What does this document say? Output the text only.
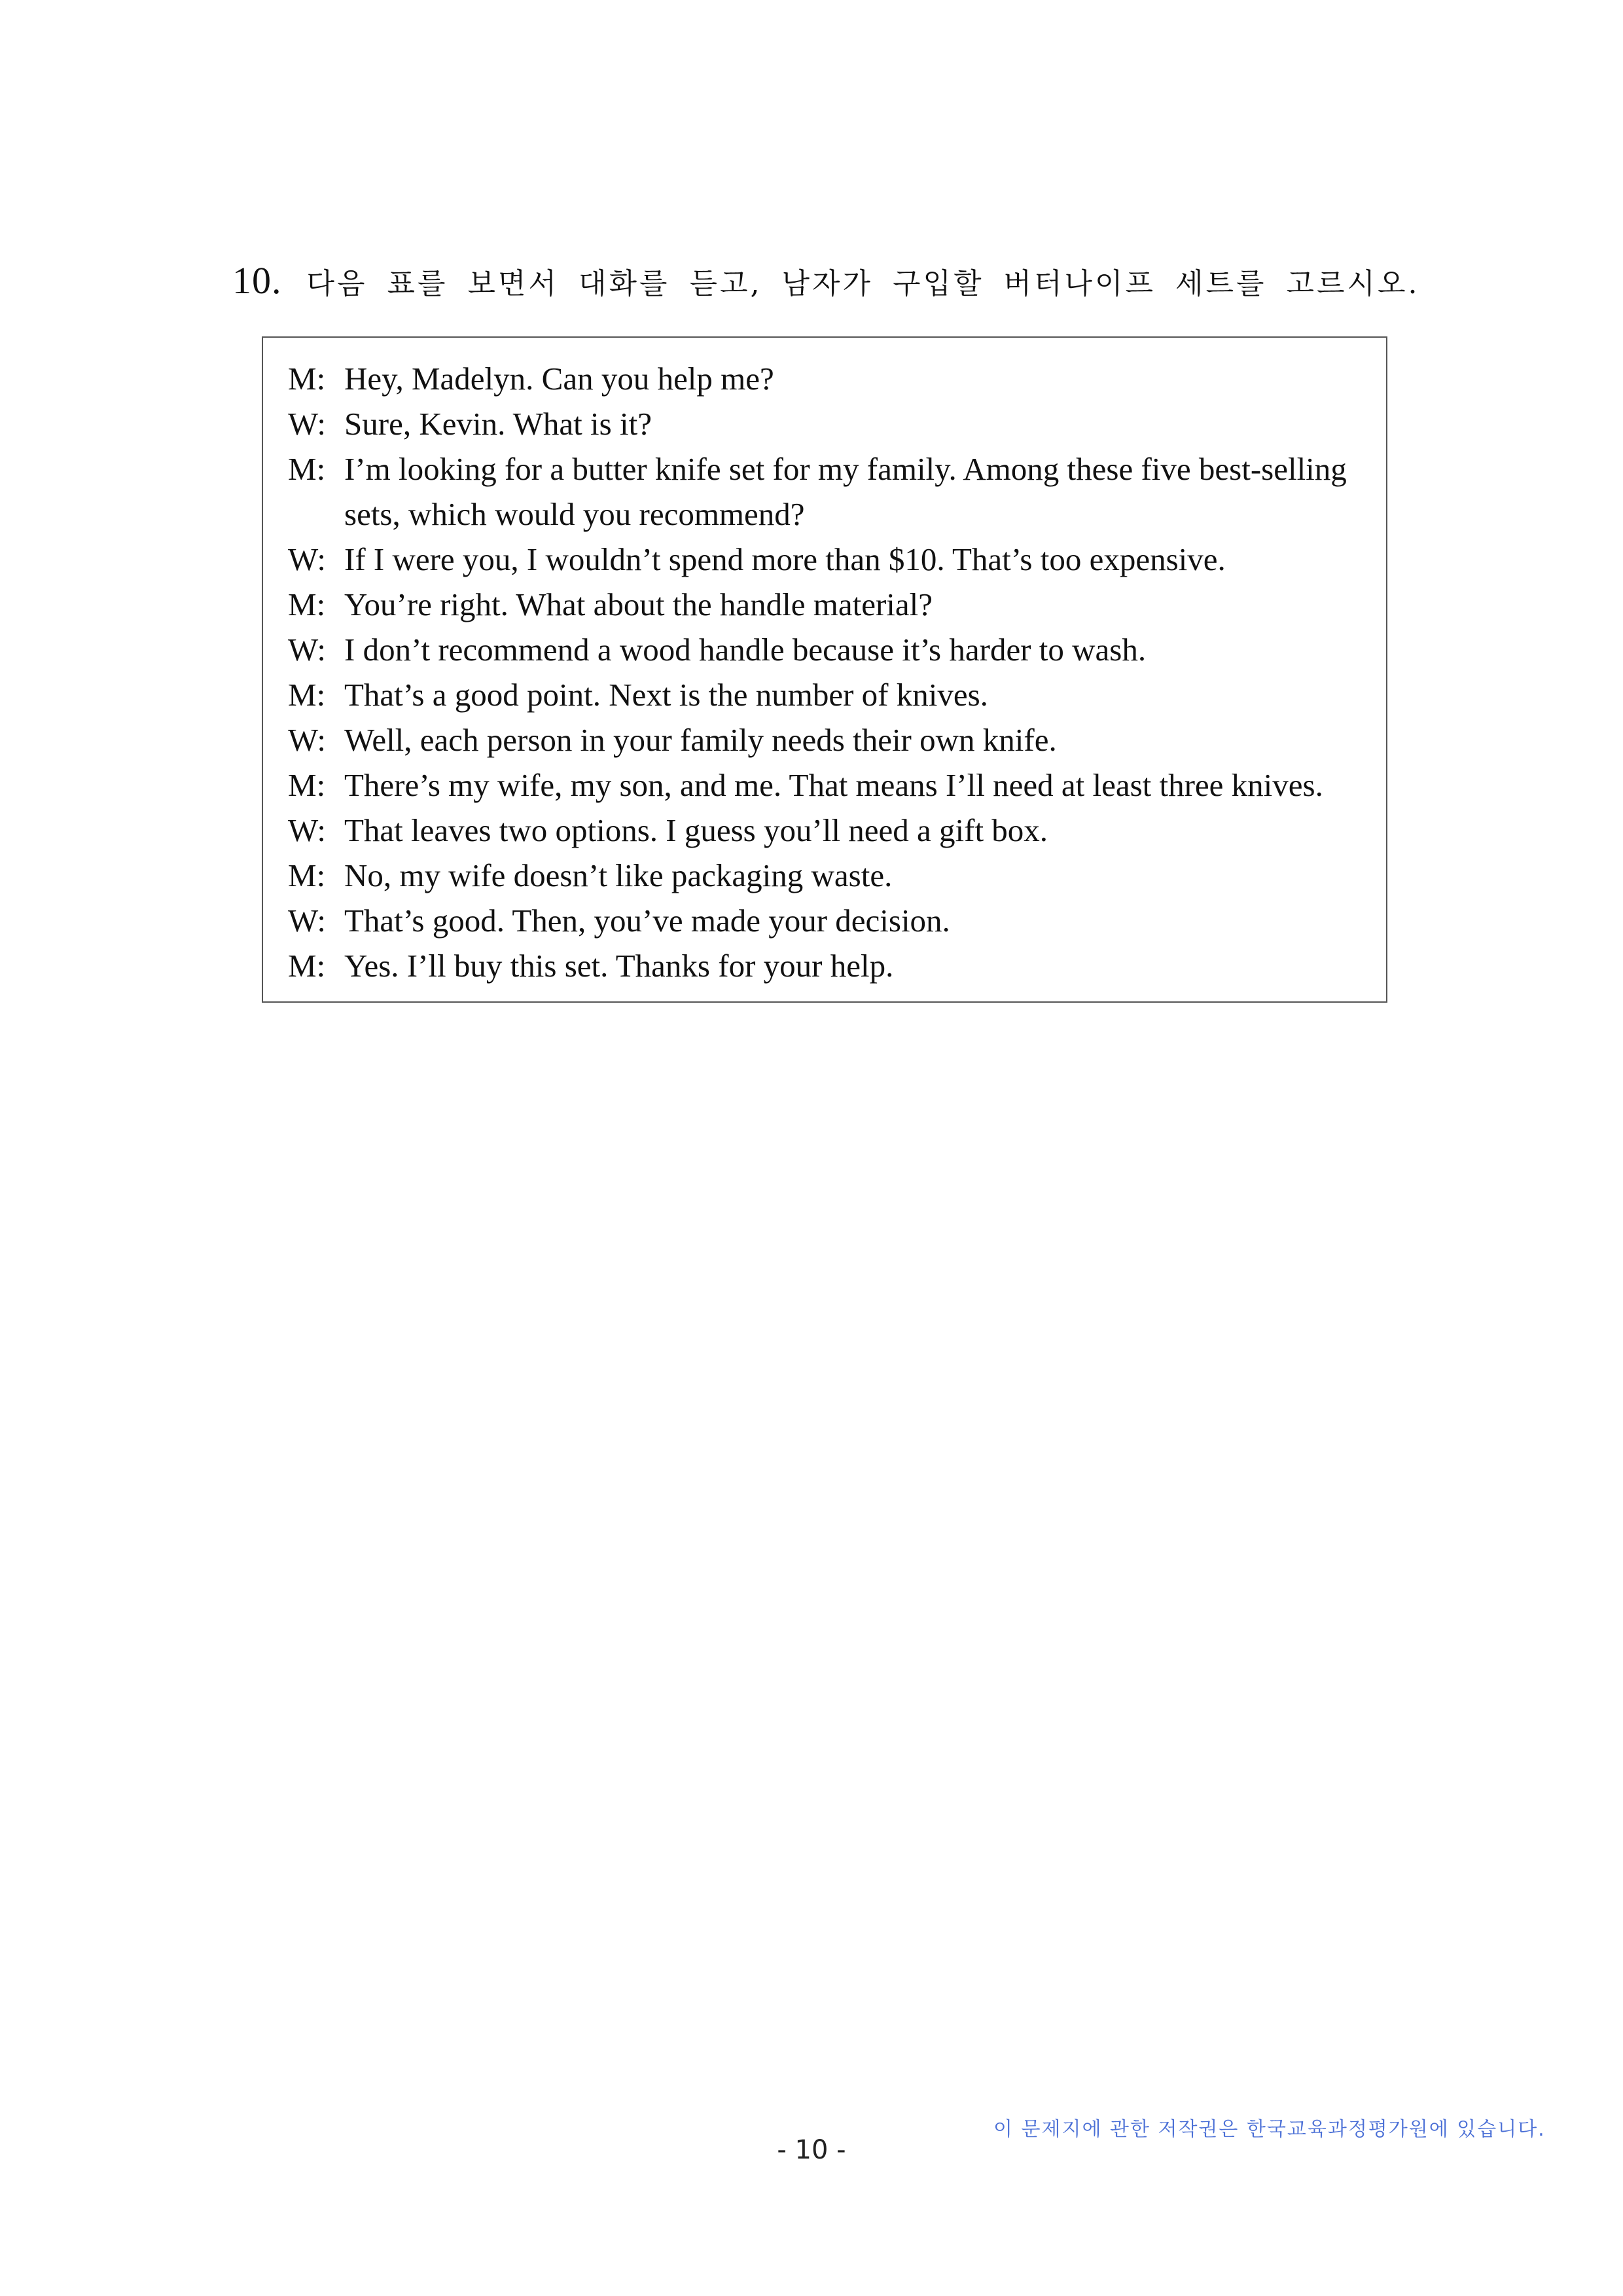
10. 다음 표를 보면서 대화를 듣고, 남자가 구입할 버터나이프 세트를 고르시오.
M: Hey, Madelyn. Can you help me?
W: Sure, Kevin. What is it?
M: I’m looking for a butter knife set for my family. Among these five best-selling
sets, which would you recommend?
W: If I were you, I wouldn’t spend more than $10. That’s too expensive.
M: You’re right. What about the handle material?
W: I don’t recommend a wood handle because it’s harder to wash.
M: That’s a good point. Next is the number of knives.
W: Well, each person in your family needs their own knife.
M: There’s my wife, my son, and me. That means I’ll need at least three knives.
W: That leaves two options. I guess you’ll need a gift box.
M: No, my wife doesn’t like packaging waste.
W: That’s good. Then, you’ve made your decision.
M: Yes. I’ll buy this set. Thanks for your help.
이 문제지에 관한 저작권은 한국교육과정평가원에 있습니다.
- 10 -
